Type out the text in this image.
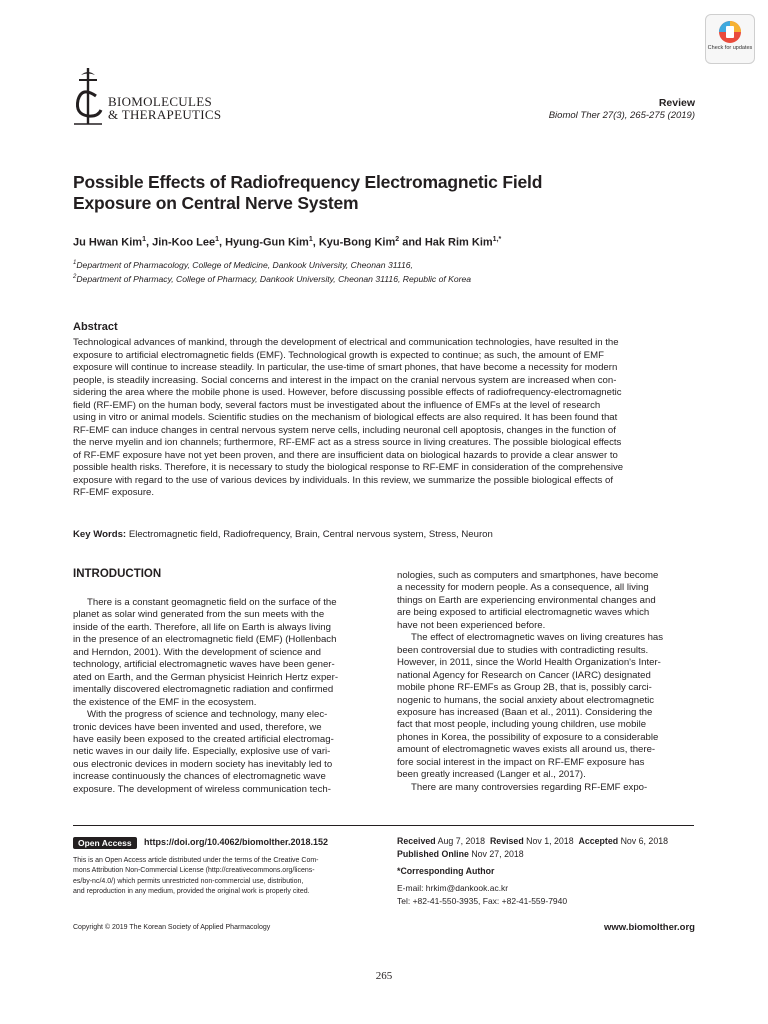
BIOMOLECULES
& THERAPEUTICS
Check for updates
Review
Biomol Ther 27(3), 265-275 (2019)
Possible Effects of Radiofrequency Electromagnetic Field
Exposure on Central Nerve System
Ju Hwan Kim$^1$, Jin-Koo Lee$^1$, Hyung-Gun Kim$^1$, Kyu-Bong Kim$^2$ and Hak Rim Kim$^{1,*}$
$^1$Department of Pharmacology, College of Medicine, Dankook University, Cheonan 31116,
$^2$Department of Pharmacy, College of Pharmacy, Dankook University, Cheonan 31116, Republic of Korea
Abstract
Technological advances of mankind, through the development of electrical and communication technologies, have resulted in the
exposure to artificial electromagnetic fields (EMF). Technological growth is expected to continue; as such, the amount of EMF
exposure will continue to increase steadily. In particular, the use-time of smart phones, that have become a necessity for modern
people, is steadily increasing. Social concerns and interest in the impact on the cranial nervous system are increased when con-
sidering the area where the mobile phone is used. However, before discussing possible effects of radiofrequency-electromagnetic
field (RF-EMF) on the human body, several factors must be investigated about the influence of EMFs at the level of research
using in vitro or animal models. Scientific studies on the mechanism of biological effects are also required. It has been found that
RF-EMF can induce changes in central nervous system nerve cells, including neuronal cell apoptosis, changes in the function of
the nerve myelin and ion channels; furthermore, RF-EMF act as a stress source in living creatures. The possible biological effects
of RF-EMF exposure have not yet been proven, and there are insufficient data on biological hazards to provide a clear answer to
possible health risks. Therefore, it is necessary to study the biological response to RF-EMF in consideration of the comprehensive
exposure with regard to the use of various devices by individuals. In this review, we summarize the possible biological effects of
RF-EMF exposure.
Key Words: Electromagnetic field, Radiofrequency, Brain, Central nervous system, Stress, Neuron
INTRODUCTION
There is a constant geomagnetic field on the surface of the
planet as solar wind generated from the sun meets with the
inside of the earth. Therefore, all life on Earth is always living
in the presence of an electromagnetic field (EMF) (Hollenbach
and Herndon, 2001). With the development of science and
technology, artificial electromagnetic waves have been gener-
ated on Earth, and the German physicist Heinrich Hertz exper-
imentally discovered electromagnetic radiation and confirmed
the existence of the EMF in the ecosystem.
With the progress of science and technology, many elec-
tronic devices have been invented and used, therefore, we
have easily been exposed to the created artificial electromag-
netic waves in our daily life. Especially, explosive use of vari-
ous electronic devices in modern society has inevitably led to
increase continuously the chances of electromagnetic wave
exposure. The development of wireless communication tech-
nologies, such as computers and smartphones, have become
a necessity for modern people. As a consequence, all living
things on Earth are experiencing environmental changes and
are being exposed to artificial electromagnetic waves which
have not been experienced before.
The effect of electromagnetic waves on living creatures has
been controversial due to studies with contradicting results.
However, in 2011, since the World Health Organization's Inter-
national Agency for Research on Cancer (IARC) designated
mobile phone RF-EMFs as Group 2B, that is, possibly carci-
nogenic to humans, the social anxiety about electromagnetic
exposure has increased (Baan et al., 2011). Considering the
fact that most people, including young children, use mobile
phones in Korea, the possibility of exposure to a considerable
amount of electromagnetic waves exists all around us, there-
fore social interest in the impact on RF-EMF exposure has
been greatly increased (Langer et al., 2017).
There are many controversies regarding RF-EMF expo-
Open Access	https://doi.org/10.4062/biomolther.2018.152
This is an Open Access article distributed under the terms of the Creative Com-
mons Attribution Non-Commercial License (http://creativecommons.org/licens-
es/by-nc/4.0/) which permits unrestricted non-commercial use, distribution,
and reproduction in any medium, provided the original work is properly cited.
Received Aug 7, 2018 Revised Nov 1, 2018 Accepted Nov 6, 2018
Published Online Nov 27, 2018
*Corresponding Author
E-mail: hrkim@dankook.ac.kr
Tel: +82-41-550-3935, Fax: +82-41-559-7940
Copyright © 2019 The Korean Society of Applied Pharmacology	www.biomolther.org
265
